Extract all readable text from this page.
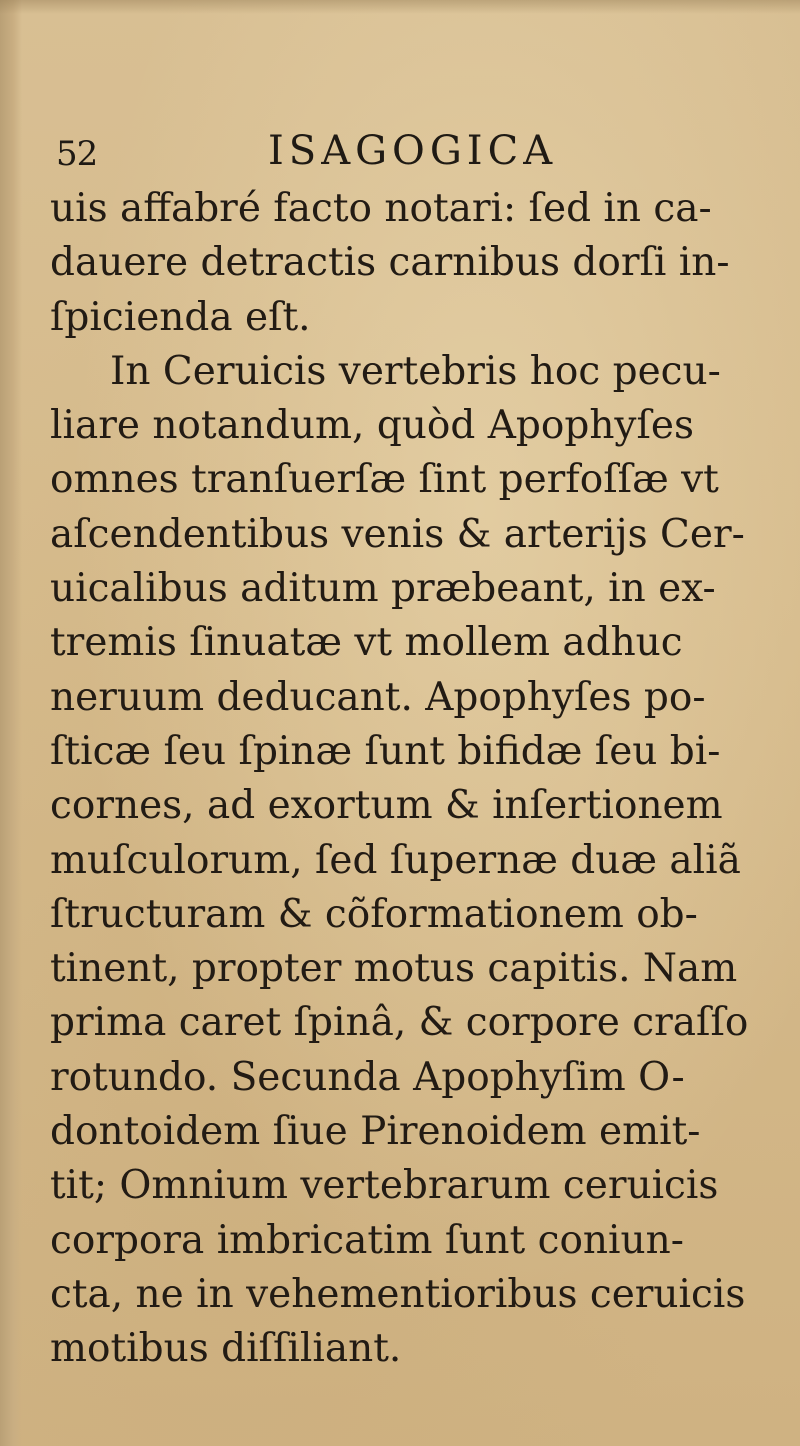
52	ISAGOGICA
uis affabré facto notari: ſed in ca-
dauere detractis carnibus dorſi in-
ſpicienda eſt.
In Ceruicis vertebris hoc pecu-
liare notandum, quòd Apophyſes
omnes tranſuerſæ ſint perfoſſæ vt
aſcendentibus venis & arterijs Cer-
uicalibus aditum præbeant, in ex-
tremis ſinuatæ vt mollem adhuc
neruum deducant. Apophyſes po-
ſticæ ſeu ſpinæ ſunt bifidæ ſeu bi-
cornes, ad exortum & inſertionem
muſculorum, ſed ſupernæ duæ aliã
ſtructuram & cõformationem ob-
tinent, propter motus capitis. Nam
prima caret ſpinâ, & corpore craſſo
rotundo. Secunda Apophyſim O-
dontoidem ſiue Pirenoidem emit-
tit; Omnium vertebrarum ceruicis
corpora imbricatim ſunt coniun-
cta, ne in vehementioribus ceruicis
motibus diſſiliant.
